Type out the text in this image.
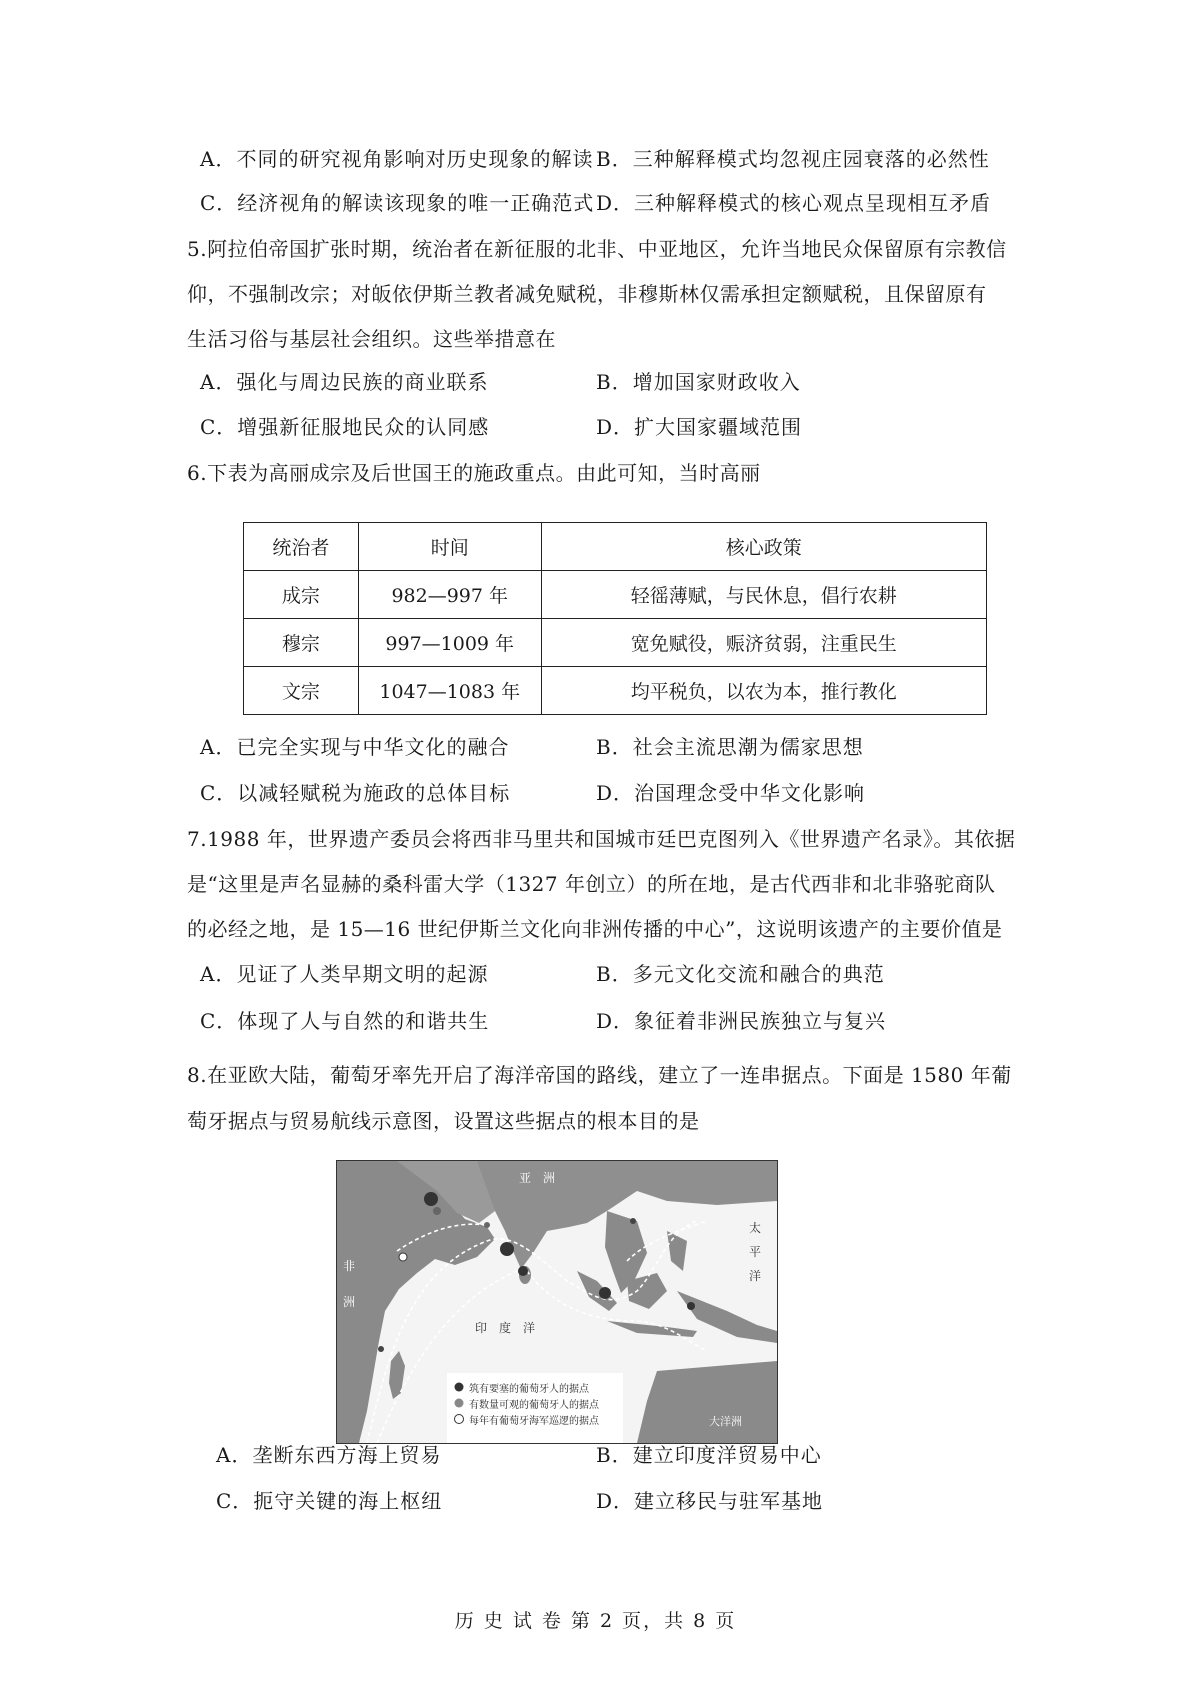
A．不同的研究视角影响对历史现象的解读 B．三种解释模式均忽视庄园衰落的必然性
C．经济视角的解读该现象的唯一正确范式 D．三种解释模式的核心观点呈现相互矛盾
5.阿拉伯帝国扩张时期，统治者在新征服的北非、中亚地区，允许当地民众保留原有宗教信
仰，不强制改宗；对皈依伊斯兰教者减免赋税，非穆斯林仅需承担定额赋税，且保留原有
生活习俗与基层社会组织。这些举措意在
A．强化与周边民族的商业联系	B．增加国家财政收入
C．增强新征服地民众的认同感	D．扩大国家疆域范围
6.下表为高丽成宗及后世国王的施政重点。由此可知，当时高丽
统治者	时间	核心政策
成宗	982—997 年	轻徭薄赋，与民休息，倡行农耕
穆宗	997—1009 年	宽免赋役，赈济贫弱，注重民生
文宗	1047—1083 年	均平税负，以农为本，推行教化
A．已完全实现与中华文化的融合	B．社会主流思潮为儒家思想
C．以减轻赋税为施政的总体目标	D．治国理念受中华文化影响
7.1988 年，世界遗产委员会将西非马里共和国城市廷巴克图列入《世界遗产名录》。其依据
是“这里是声名显赫的桑科雷大学（1327 年创立）的所在地，是古代西非和北非骆驼商队
的必经之地，是 15—16 世纪伊斯兰文化向非洲传播的中心”，这说明该遗产的主要价值是
A．见证了人类早期文明的起源	B．多元文化交流和融合的典范
C．体现了人与自然的和谐共生	D．象征着非洲民族独立与复兴
8.在亚欧大陆，葡萄牙率先开启了海洋帝国的路线，建立了一连串据点。下面是 1580 年葡
萄牙据点与贸易航线示意图，设置这些据点的根本目的是
亚　洲
非
洲
印　度　洋
太
平
洋
大洋洲
筑有要塞的葡萄牙人的据点
有数量可观的葡萄牙人的据点
每年有葡萄牙海军巡逻的据点
A．垄断东西方海上贸易	B．建立印度洋贸易中心
C．扼守关键的海上枢纽	D．建立移民与驻军基地
历 史 试 卷 第 2 页，共 8 页
